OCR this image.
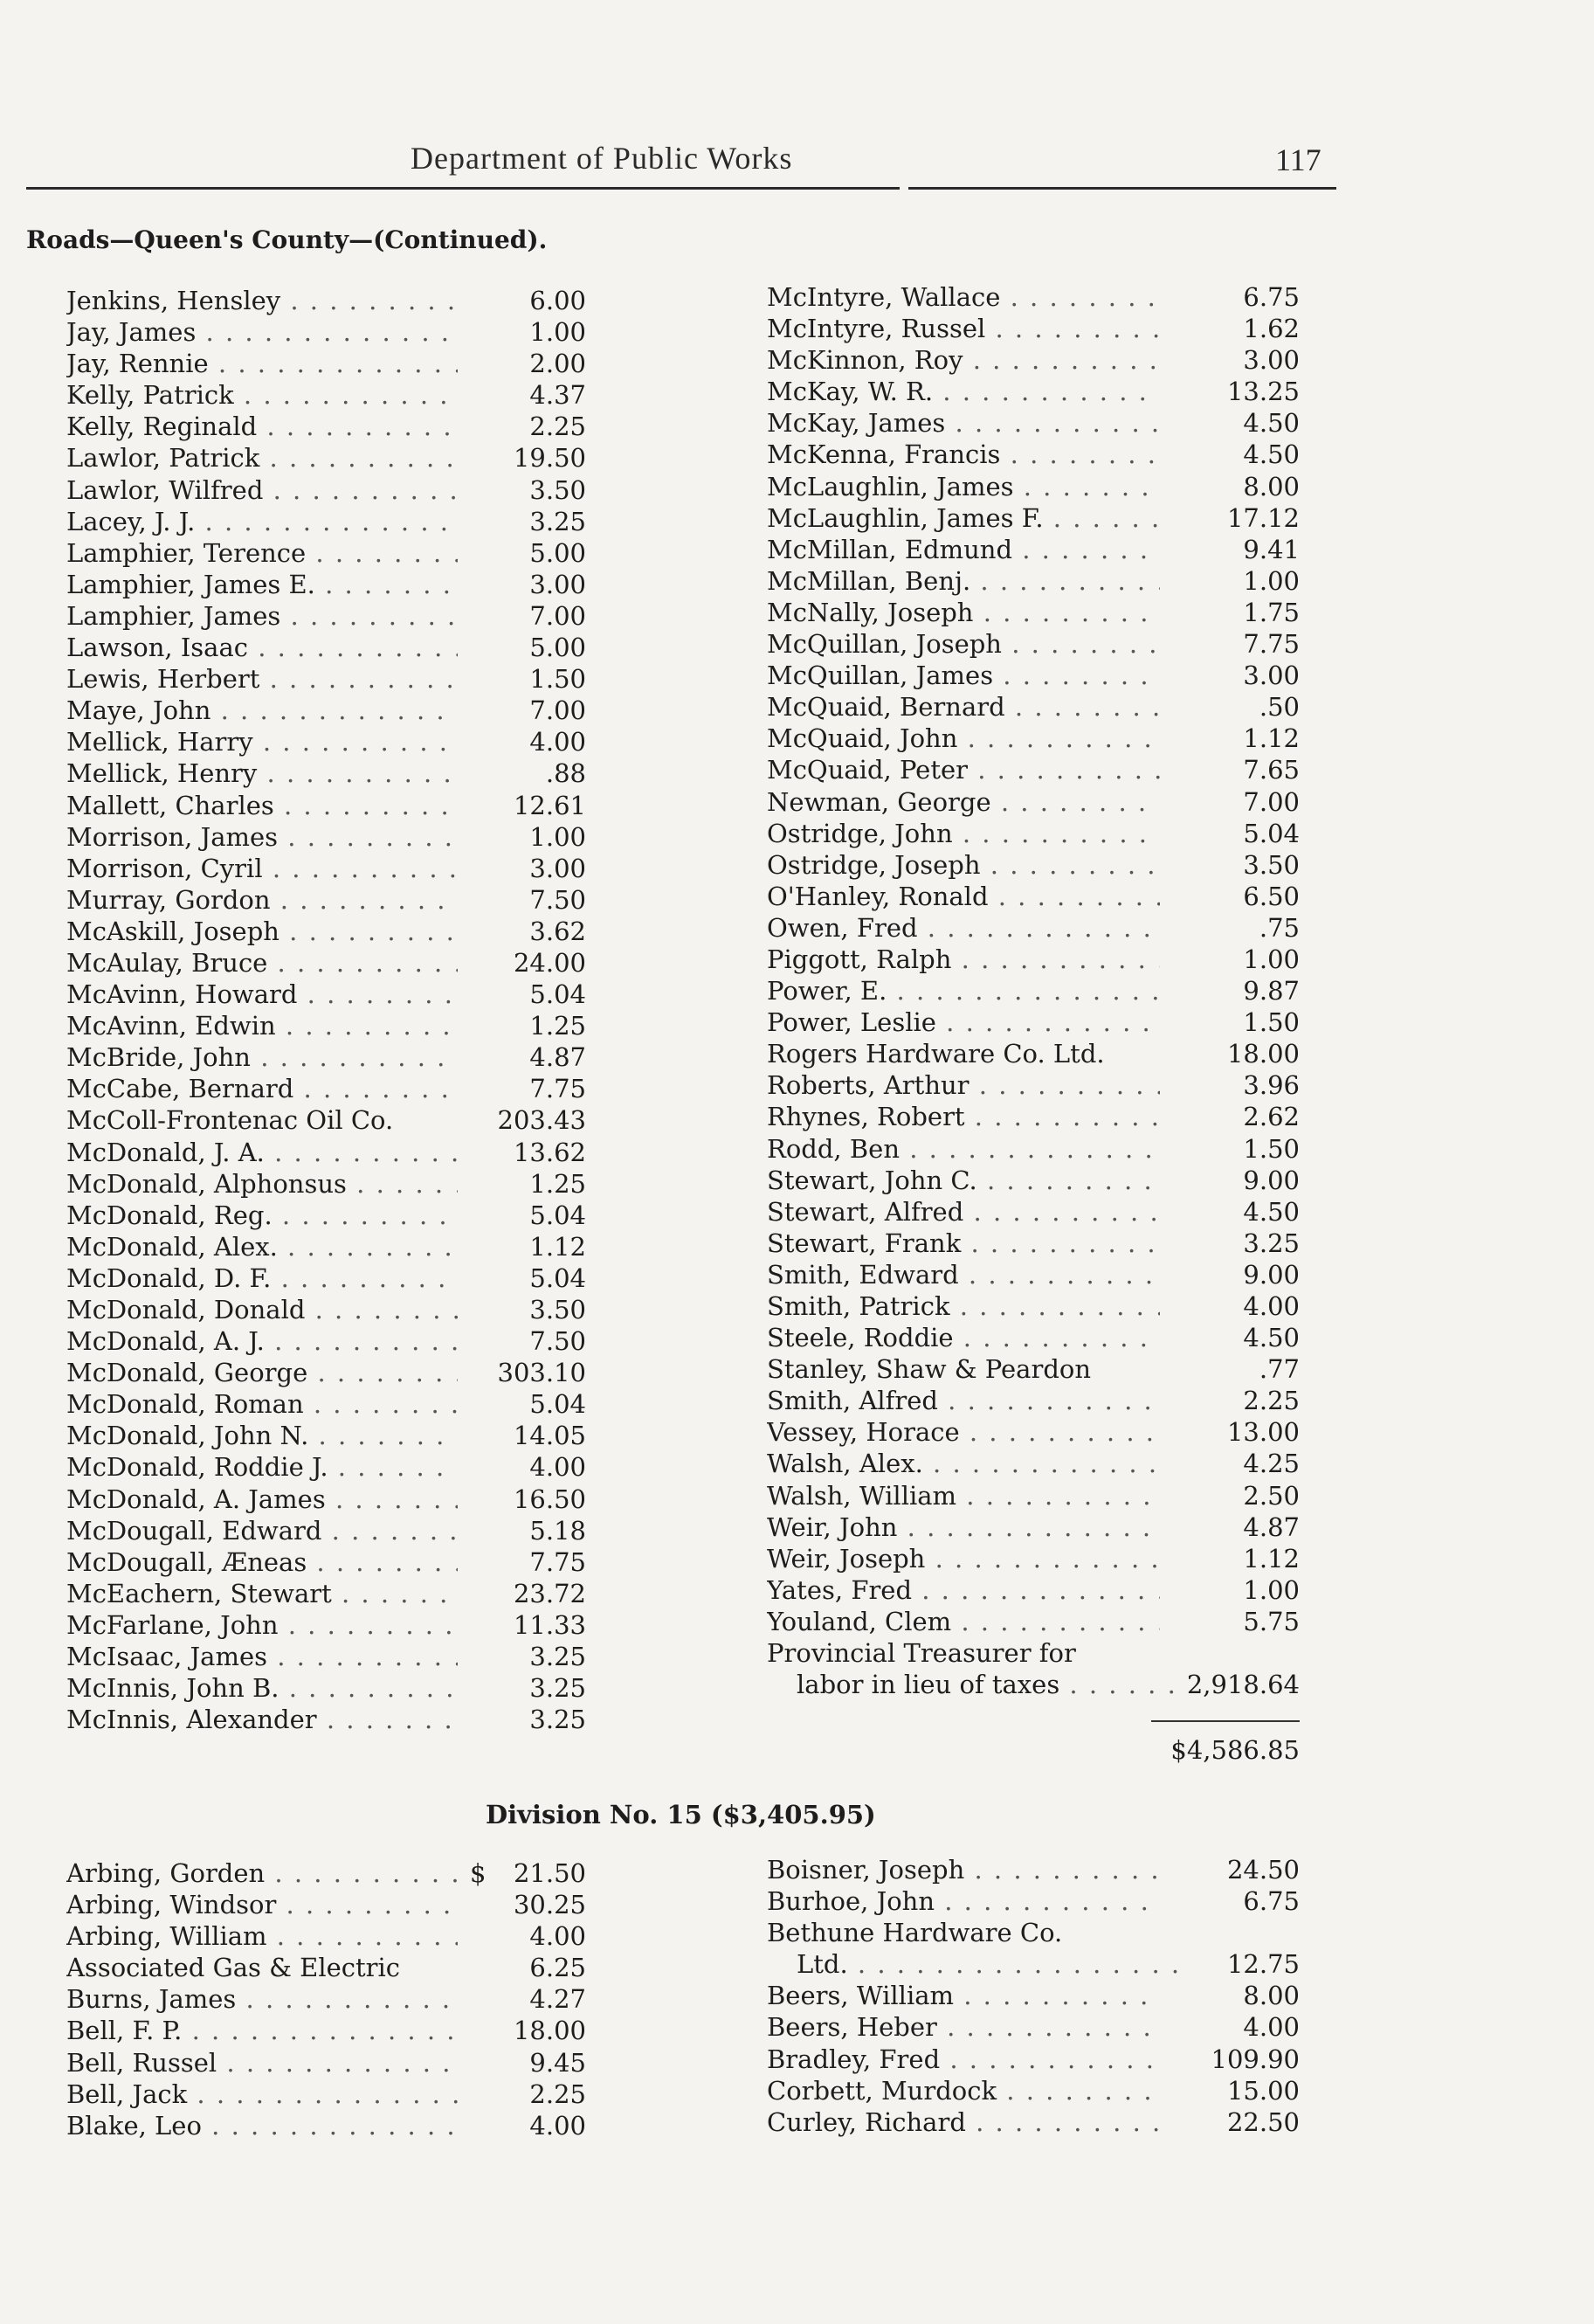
Department of Public Works	117
Roads—Queen's County—(Continued).
Jenkins, Hensley . . .	6.00
Jay, James . . .	1.00
Jay, Rennie . . .	2.00
Kelly, Patrick . . .	4.37
Kelly, Reginald . . .	2.25
Lawlor, Patrick . . .	19.50
Lawlor, Wilfred . . .	3.50
Lacey, J. J. . . .	3.25
Lamphier, Terence . . .	5.00
Lamphier, James E. . . .	3.00
Lamphier, James . . .	7.00
Lawson, Isaac . . .	5.00
Lewis, Herbert . . .	1.50
Maye, John . . .	7.00
Mellick, Harry . . .	4.00
Mellick, Henry . . .	.88
Mallett, Charles . . .	12.61
Morrison, James . . .	1.00
Morrison, Cyril . . .	3.00
Murray, Gordon . . .	7.50
McAskill, Joseph . . .	3.62
McAulay, Bruce . . .	24.00
McAvinn, Howard . . .	5.04
McAvinn, Edwin . . .	1.25
McBride, John . . .	4.87
McCabe, Bernard . . .	7.75
McColl-Frontenac Oil Co.	203.43
McDonald, J. A. . . .	13.62
McDonald, Alphonsus . . .	1.25
McDonald, Reg. . . .	5.04
McDonald, Alex. . . .	1.12
McDonald, D. F. . . .	5.04
McDonald, Donald . . .	3.50
McDonald, A. J. . . .	7.50
McDonald, George . . .	303.10
McDonald, Roman . . .	5.04
McDonald, John N. . . .	14.05
McDonald, Roddie J. . . .	4.00
McDonald, A. James . . .	16.50
McDougall, Edward . . .	5.18
McDougall, Æneas . . .	7.75
McEachern, Stewart . . .	23.72
McFarlane, John . . .	11.33
McIsaac, James . . .	3.25
McInnis, John B. . . .	3.25
McInnis, Alexander . . .	3.25
McIntyre, Wallace . . .	6.75
McIntyre, Russel . . .	1.62
McKinnon, Roy . . .	3.00
McKay, W. R. . . .	13.25
McKay, James . . .	4.50
McKenna, Francis . . .	4.50
McLaughlin, James . . .	8.00
McLaughlin, James F. . . .	17.12
McMillan, Edmund . . .	9.41
McMillan, Benj. . . .	1.00
McNally, Joseph . . .	1.75
McQuillan, Joseph . . .	7.75
McQuillan, James . . .	3.00
McQuaid, Bernard . . .	.50
McQuaid, John . . .	1.12
McQuaid, Peter . . .	7.65
Newman, George . . .	7.00
Ostridge, John . . .	5.04
Ostridge, Joseph . . .	3.50
O'Hanley, Ronald . . .	6.50
Owen, Fred . . .	.75
Piggott, Ralph . . .	1.00
Power, E. . . .	9.87
Power, Leslie . . .	1.50
Rogers Hardware Co. Ltd.	18.00
Roberts, Arthur . . .	3.96
Rhynes, Robert . . .	2.62
Rodd, Ben . . .	1.50
Stewart, John C. . . .	9.00
Stewart, Alfred . . .	4.50
Stewart, Frank . . .	3.25
Smith, Edward . . .	9.00
Smith, Patrick . . .	4.00
Steele, Roddie . . .	4.50
Stanley, Shaw & Peardon	.77
Smith, Alfred . . .	2.25
Vessey, Horace . . .	13.00
Walsh, Alex. . . .	4.25
Walsh, William . . .	2.50
Weir, John . . .	4.87
Weir, Joseph . . .	1.12
Yates, Fred . . .	1.00
Youland, Clem . . .	5.75
Provincial Treasurer for
labor in lieu of taxes . . .	2,918.64
$4,586.85
Division No. 15 ($3,405.95)
Arbing, Gorden . . .	$	21.50
Arbing, Windsor . . .	30.25
Arbing, William . . .	4.00
Associated Gas & Electric	6.25
Burns, James . . .	4.27
Bell, F. P. . . .	18.00
Bell, Russel . . .	9.45
Bell, Jack . . .	2.25
Blake, Leo . . .	4.00
Boisner, Joseph . . .	24.50
Burhoe, John . . .	6.75
Bethune Hardware Co.
Ltd. . . .	12.75
Beers, William . . .	8.00
Beers, Heber . . .	4.00
Bradley, Fred . . .	109.90
Corbett, Murdock . . .	15.00
Curley, Richard . . .	22.50
